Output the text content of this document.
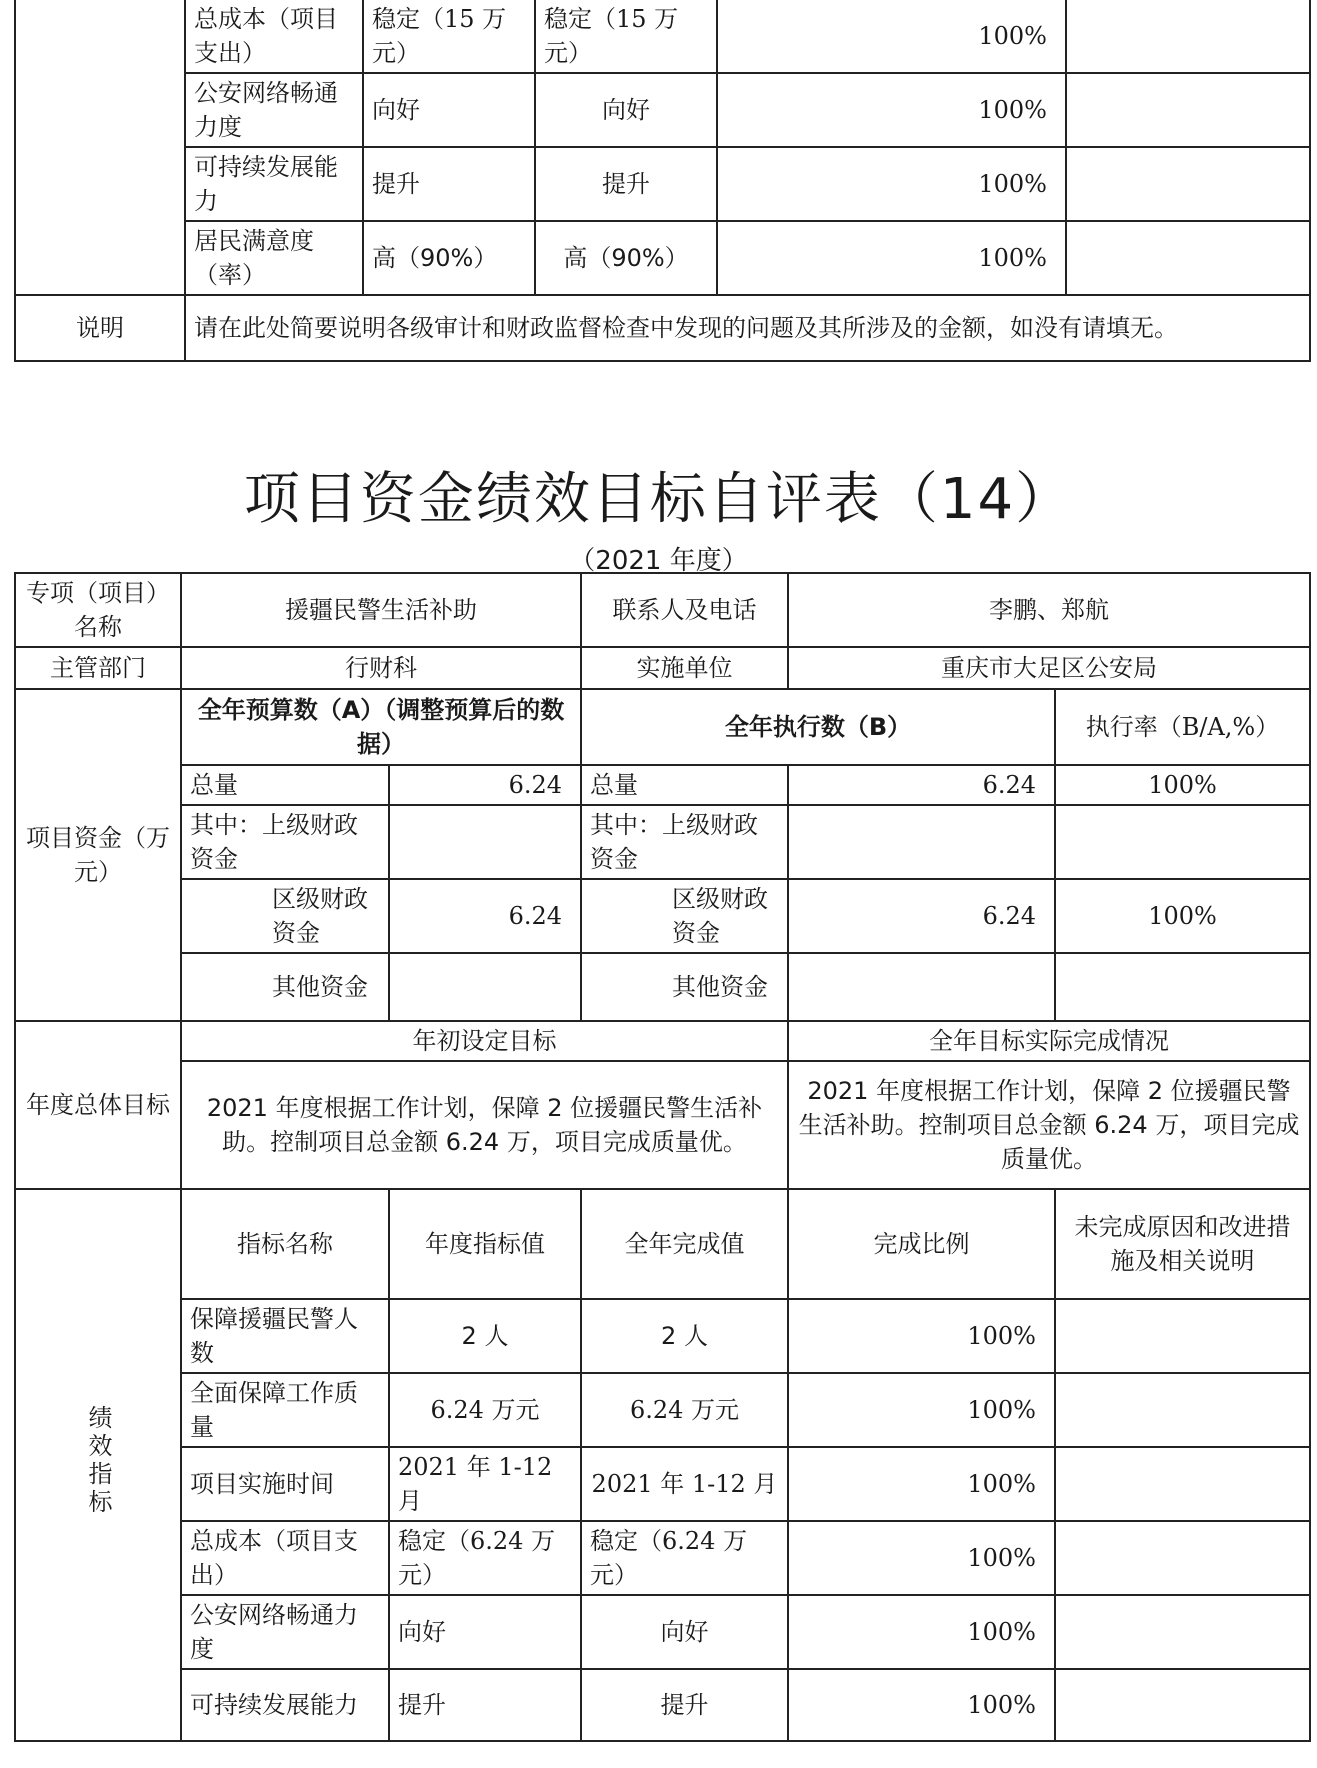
	总成本（项目支出）	稳定（15 万元）	稳定（15 万元）	100%	
	公安网络畅通力度	向好	向好	100%	
	可持续发展能力	提升	提升	100%	
	居民满意度（率）	高（90%）	高（90%）	100%	
说明	请在此处简要说明各级审计和财政监督检查中发现的问题及其所涉及的金额，如没有请填无。				
项目资金绩效目标自评表（14）
（2021 年度）
专项（项目）名称	援疆民警生活补助		联系人及电话	李鹏、郑航	
主管部门	行财科		实施单位	重庆市大足区公安局	
项目资金（万元）	全年预算数（A）（调整预算后的数据）		全年执行数（B）		执行率（B/A,%）
	总量	6.24	总量	6.24	100%
	其中：上级财政资金		其中：上级财政资金		
	区级财政资金	6.24	区级财政资金	6.24	100%
	其他资金		其他资金		
年度总体目标	年初设定目标			全年目标实际完成情况	
	2021 年度根据工作计划，保障 2 位援疆民警生活补助。控制项目总金额 6.24 万，项目完成质量优。			2021 年度根据工作计划，保障 2 位援疆民警生活补助。控制项目总金额 6.24 万，项目完成质量优。	
绩效指标	指标名称	年度指标值	全年完成值	完成比例	未完成原因和改进措施及相关说明
	保障援疆民警人数	2 人	2 人	100%	
	全面保障工作质量	6.24 万元	6.24 万元	100%	
	项目实施时间	2021 年 1-12 月	2021 年 1-12 月	100%	
	总成本（项目支出）	稳定（6.24 万元）	稳定（6.24 万元）	100%	
	公安网络畅通力度	向好	向好	100%	
	可持续发展能力	提升	提升	100%	
